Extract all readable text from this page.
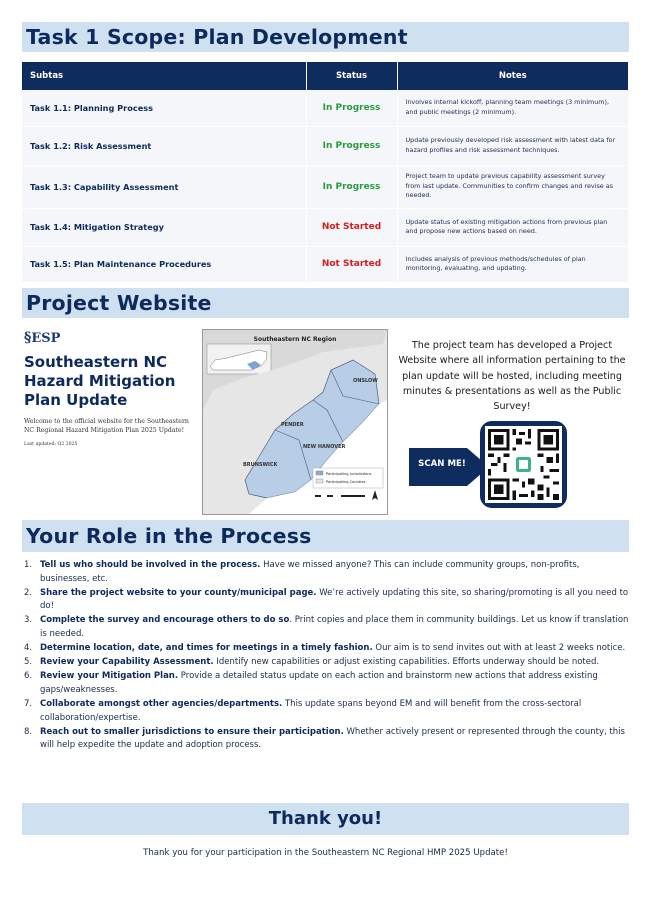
Task 1 Scope: Plan Development
Subtas	Status	Notes
Task 1.1: Planning Process	In Progress	Involves internal kickoff, planning team meetings (3 minimum), and public meetings (2 minimum).
Task 1.2: Risk Assessment	In Progress	Update previously developed risk assessment with latest data for hazard profiles and risk assessment techniques.
Task 1.3: Capability Assessment	In Progress	Project team to update previous capability assessment survey from last update. Communities to confirm changes and revise as needed.
Task 1.4: Mitigation Strategy	Not Started	Update status of existing mitigation actions from previous plan and propose new actions based on need.
Task 1.5: Plan Maintenance Procedures	Not Started	Includes analysis of previous methods/schedules of plan monitoring, evaluating, and updating.
Project Website
§ESP
Southeastern NC Hazard Mitigation Plan Update
Welcome to the official website for the Southeastern NC Regional Hazard Mitigation Plan 2025 Update!
Last updated: Q2 2025
Southeastern NC Region
ONSLOW
PENDER
NEW HANOVER
BRUNSWICK
Participating Jurisdictions
Participating Counties
The project team has developed a Project Website where all information pertaining to the plan update will be hosted, including meeting minutes & presentations as well as the Public Survey!
SCAN ME!
Your Role in the Process
1. Tell us who should be involved in the process. Have we missed anyone? This can include community groups, non-profits, businesses, etc.
2. Share the project website to your county/municipal page. We’re actively updating this site, so sharing/promoting is all you need to do!
3. Complete the survey and encourage others to do so. Print copies and place them in community buildings. Let us know if translation is needed.
4. Determine location, date, and times for meetings in a timely fashion. Our aim is to send invites out with at least 2 weeks notice.
5. Review your Capability Assessment. Identify new capabilities or adjust existing capabilities. Efforts underway should be noted.
6. Review your Mitigation Plan. Provide a detailed status update on each action and brainstorm new actions that address existing gaps/weaknesses.
7. Collaborate amongst other agencies/departments. This update spans beyond EM and will benefit from the cross-sectoral collaboration/expertise.
8. Reach out to smaller jurisdictions to ensure their participation. Whether actively present or represented through the county, this will help expedite the update and adoption process.
Thank you!
Thank you for your participation in the Southeastern NC Regional HMP 2025 Update!
